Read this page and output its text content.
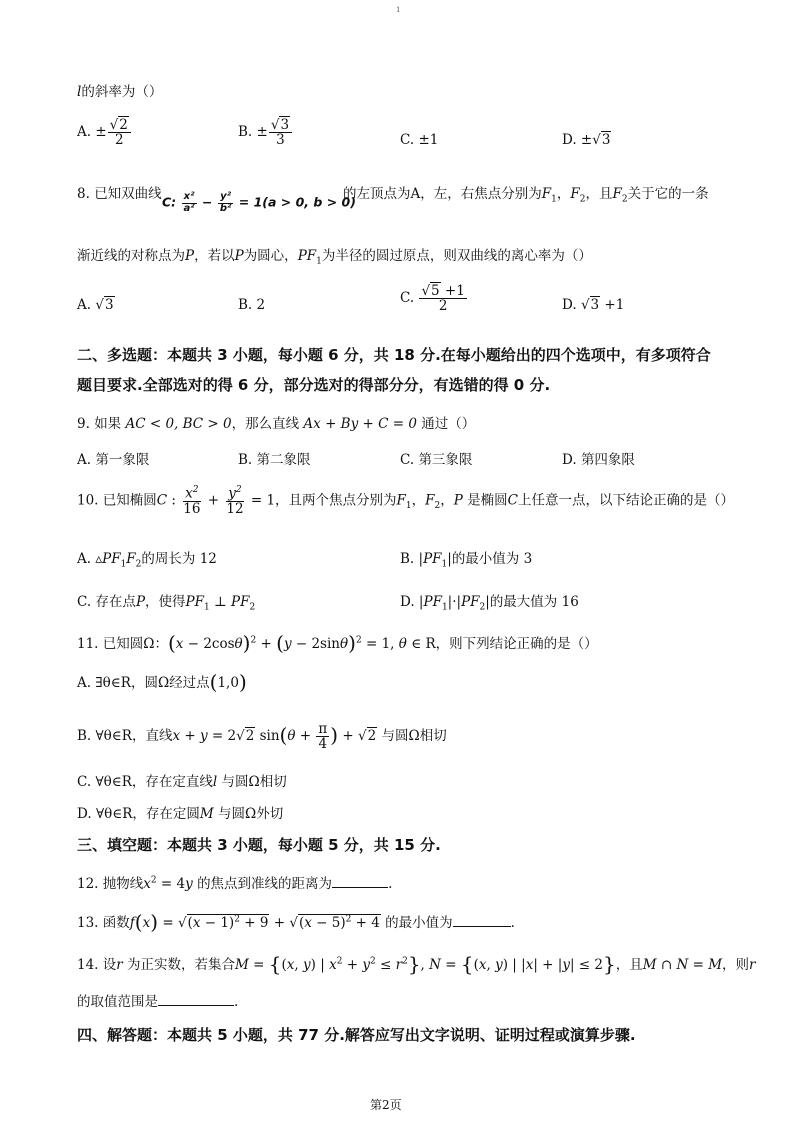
1
l的斜率为（）
A. ± √ $\frac{2}{2}$	B. ± √ $\frac{3}{3}$	C. ±1	D. ± √ 3
8. 已知双曲线 C: $\frac{\text{x²}}{\text{a²}} - \frac{\text{y²}}{\text{b²}} = 1(a > 0$, b > 0)
的左顶点为A，左，右焦点分别为$F_1$，$F_2$，且$F_2$关于它的一条
渐近线的对称点为P，若以P为圆心，$PF_1$为半径的圆过原点，则双曲线的离心率为（）
A. √ 3	B. 2	C. √ $\frac{5 +1}{2}$	D. √ 3 +1
二、多选题：本题共 3 小题，每小题 6 分，共 18 分.在每小题给出的四个选项中，有多项符合
题目要求.全部选对的得 6 分，部分选对的得部分分，有选错的得 0 分.
9. 如果 AC < 0, BC > 0，那么直线 Ax + By + C = 0 通过（）
A. 第一象限	B. 第二象限	C. 第三象限	D. 第四象限
10. 已知椭圆C : $\frac{x^2}{16} + \frac{y^2}{12} = 1$，且两个焦点分别为$F_1$，$F_2$，P 是椭圆C上任意一点，以下结论正确的是（）
A. $▵PF_1F_2$的周长为 12	B. $|PF_1|$的最小值为 3
C. 存在点P，使得$PF_1$ ⊥ $PF_2$	D. $|PF_1|\cdot|PF_2|$的最大值为 16
11. 已知圆Ω：$(x - 2\cos\theta)^2 + (y - 2\sin\theta)^2 = 1$, θ ∈ R，则下列结论正确的是（）
A. ∃θ∈R，圆Ω经过点(1,0)
B. ∀θ∈R，直线x + y = 2 √ 2 $\sin(\theta + \frac{\pi}{4}$ ) + √ 2 与圆Ω相切
C. ∀θ∈R，存在定直线l 与圆Ω相切
D. ∀θ∈R，存在定圆M 与圆Ω外切
三、填空题：本题共 3 小题，每小题 5 分，共 15 分.
12. 抛物线$x^2 = 4y$ 的焦点到准线的距离为	.
13. 函数f(x) = √ $(x - 1)^2 + 9$ + √ $(x - 5)^2 + 4$ 的最小值为	.
14. 设r 为正实数，若集合M = {(x, y) | $x^2 + y^2 \le r^2$}, N = {(x, y) | |x| + |y| ≤ 2}，且M ∩ N = M，则r
的取值范围是	.
四、解答题：本题共 5 小题，共 77 分.解答应写出文字说明、证明过程或演算步骤.
第2页
